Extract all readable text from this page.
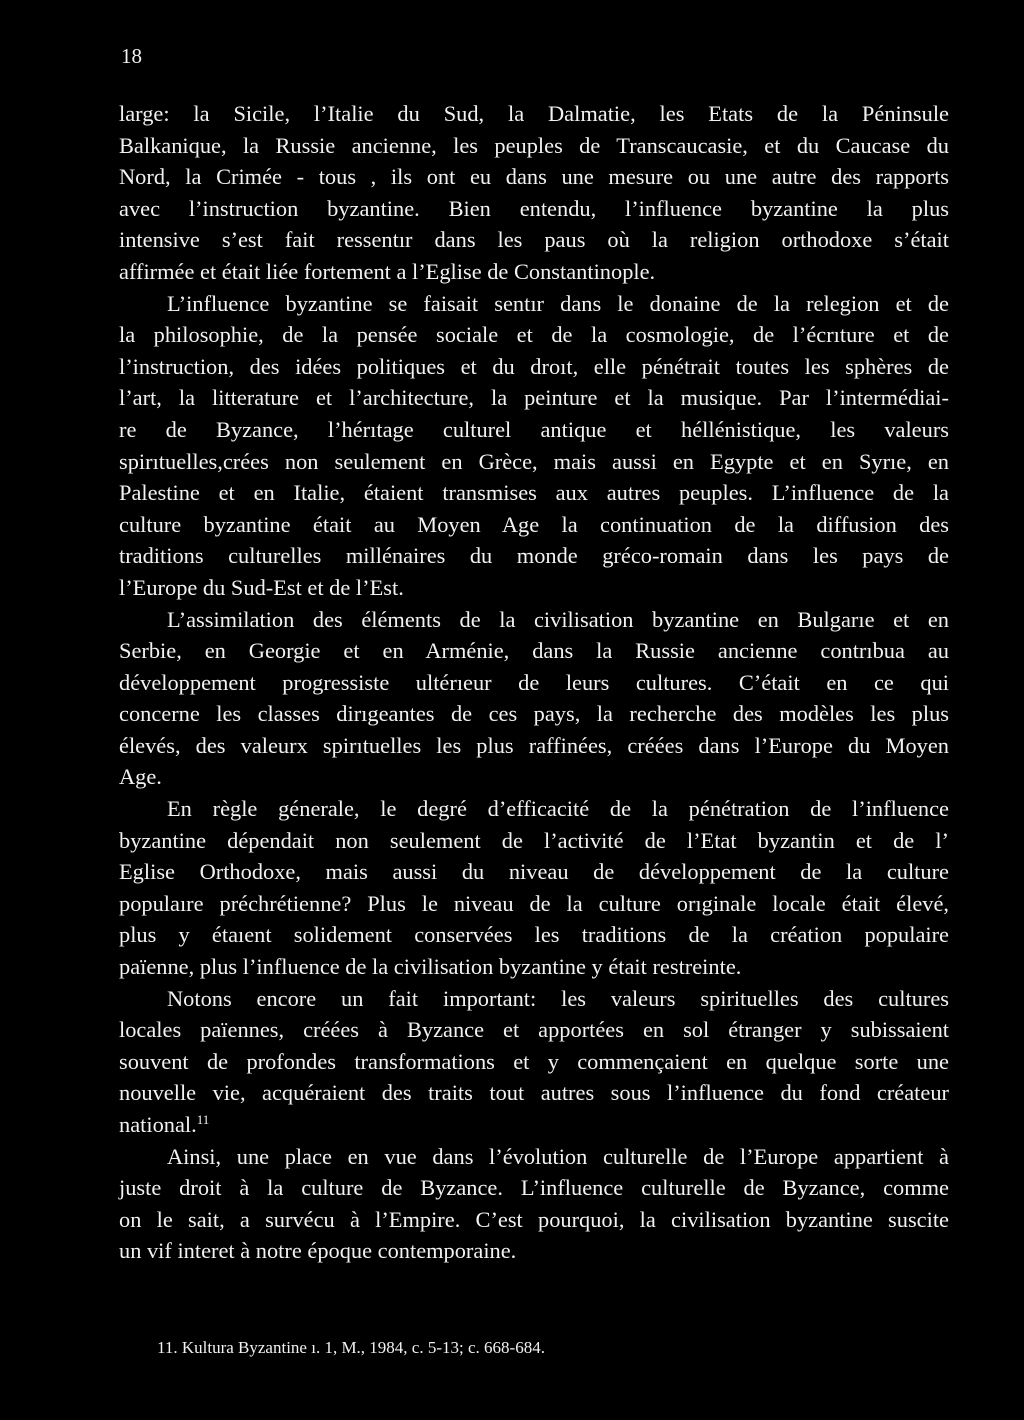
18
large: la Sicile, l’Italie du Sud, la Dalmatie, les Etats de la Péninsule
Balkanique, la Russie ancienne, les peuples de Transcaucasie, et du Caucase du
Nord, la Crimée - tous , ils ont eu dans une mesure ou une autre des rapports
avec l’instruction byzantine. Bien entendu, l’influence byzantine la plus
intensive s’est fait ressentır dans les paus où la religion orthodoxe s’était
affirmée et était liée fortement a l’Eglise de Constantinople.
L’influence byzantine se faisait sentır dans le donaine de la relegion et de
la philosophie, de la pensée sociale et de la cosmologie, de l’écrıture et de
l’instruction, des idées politiques et du droıt, elle pénétrait toutes les sphères de
l’art, la litterature et l’architecture, la peinture et la musique. Par l’intermédiai-
re de Byzance, l’hérıtage culturel antique et héllénistique, les valeurs
spirıtuelles,crées non seulement en Grèce, mais aussi en Egypte et en Syrıe, en
Palestine et en Italie, étaient transmises aux autres peuples. L’influence de la
culture byzantine était au Moyen Age la continuation de la diffusion des
traditions culturelles millénaires du monde gréco-romain dans les pays de
l’Europe du Sud-Est et de l’Est.
L’assimilation des éléments de la civilisation byzantine en Bulgarıe et en
Serbie, en Georgie et en Arménie, dans la Russie ancienne contrıbua au
développement progressiste ultérıeur de leurs cultures. C’était en ce qui
concerne les classes dirıgeantes de ces pays, la recherche des modèles les plus
élevés, des valeurx spirıtuelles les plus raffinées, créées dans l’Europe du Moyen
Age.
En règle génerale, le degré d’efficacité de la pénétration de l’influence
byzantine dépendait non seulement de l’activité de l’Etat byzantin et de l’
Eglise Orthodoxe, mais aussi du niveau de développement de la culture
populaıre préchrétienne? Plus le niveau de la culture orıginale locale était élevé,
plus y étaıent solidement conservées les traditions de la création populaire
païenne, plus l’influence de la civilisation byzantine y était restreinte.
Notons encore un fait important: les valeurs spirituelles des cultures
locales païennes, créées à Byzance et apportées en sol étranger y subissaient
souvent de profondes transformations et y commençaient en quelque sorte une
nouvelle vie, acquéraient des traits tout autres sous l’influence du fond créateur
national.$^{11}$
Ainsi, une place en vue dans l’évolution culturelle de l’Europe appartient à
juste droit à la culture de Byzance. L’influence culturelle de Byzance, comme
on le sait, a survécu à l’Empire. C’est pourquoi, la civilisation byzantine suscite
un vif interet à notre époque contemporaine.
11. Kultura Byzantine ı. 1, M., 1984, c. 5-13; c. 668-684.
